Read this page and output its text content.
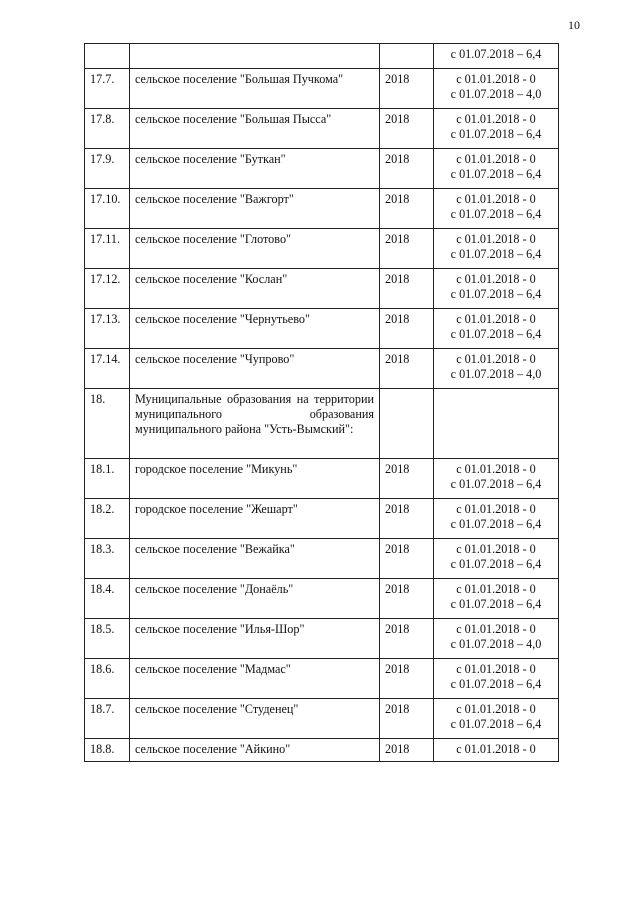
10

			с 01.07.2018 – 6,4

17.7.	сельское поселение "Большая Пучкома"	2018	с 01.01.2018 - 0
с 01.07.2018 – 4,0

17.8.	сельское поселение "Большая Пысса"	2018	с 01.01.2018 - 0
с 01.07.2018 – 6,4

17.9.	сельское поселение "Буткан"	2018	с 01.01.2018 - 0
с 01.07.2018 – 6,4

17.10.	сельское поселение "Важгорт"	2018	с 01.01.2018 - 0
с 01.07.2018 – 6,4

17.11.	сельское поселение "Глотово"	2018	с 01.01.2018 - 0
с 01.07.2018 – 6,4

17.12.	сельское поселение "Кослан"	2018	с 01.01.2018 - 0
с 01.07.2018 – 6,4

17.13.	сельское поселение "Чернутьево"	2018	с 01.01.2018 - 0
с 01.07.2018 – 6,4

17.14.	сельское поселение "Чупрово"	2018	с 01.01.2018 - 0
с 01.07.2018 – 4,0

18.	Муниципальные образования на территории муниципального образования муниципального района "Усть-Вымский":		
18.1.	городское поселение "Микунь"	2018	с 01.01.2018 - 0
с 01.07.2018 – 6,4

18.2.	городское поселение "Жешарт"	2018	с 01.01.2018 - 0
с 01.07.2018 – 6,4

18.3.	сельское поселение "Вежайка"	2018	с 01.01.2018 - 0
с 01.07.2018 – 6,4

18.4.	сельское поселение "Донаёль"	2018	с 01.01.2018 - 0
с 01.07.2018 – 6,4

18.5.	сельское поселение "Илья-Шор"	2018	с 01.01.2018 - 0
с 01.07.2018 – 4,0

18.6.	сельское поселение "Мадмас"	2018	с 01.01.2018 - 0
с 01.07.2018 – 6,4

18.7.	сельское поселение "Студенец"	2018	с 01.01.2018 - 0
с 01.07.2018 – 6,4

18.8.	сельское поселение "Айкино"	2018	с 01.01.2018 - 0
